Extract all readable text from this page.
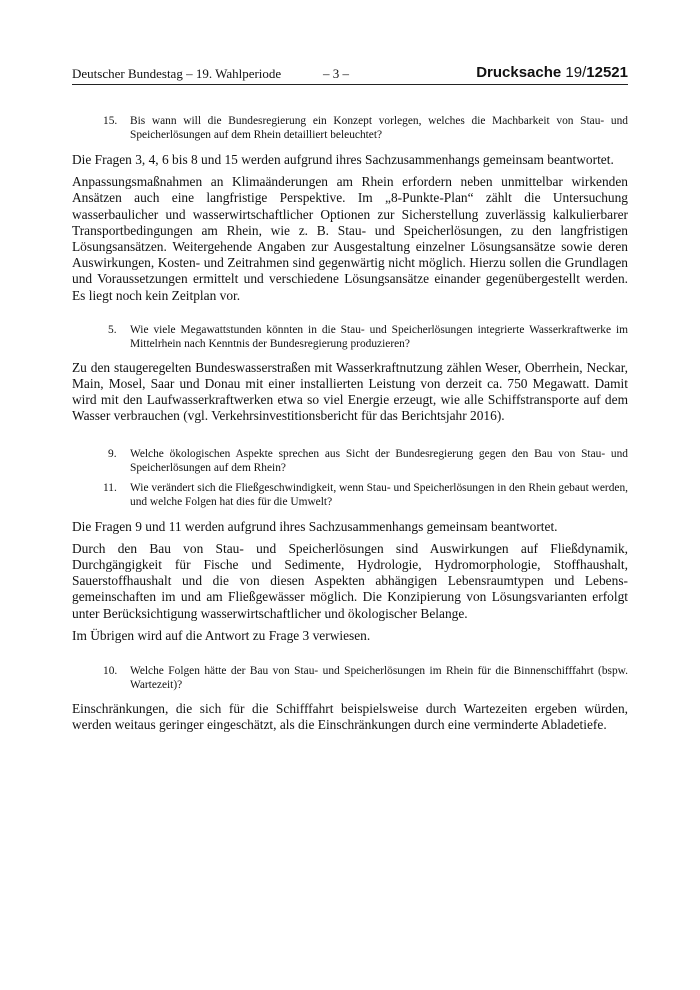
Deutscher Bundestag – 19. Wahlperiode	– 3 –	Drucksache 19/12521
15.	Bis wann will die Bundesregierung ein Konzept vorlegen, welches die Machbarkeit von Stau- und Speicherlösungen auf dem Rhein detailliert beleuchtet?

Die Fragen 3, 4, 6 bis 8 und 15 werden aufgrund ihres Sachzusammenhangs gemeinsam beantwortet.

Anpassungsmaßnahmen an Klimaänderungen am Rhein erfordern neben unmittelbar wirkenden Ansätzen auch eine langfristige Perspektive. Im „8-Punkte-Plan“ zählt die Untersuchung wasserbaulicher und wasserwirtschaftlicher Optionen zur Sicherstellung zuverlässig kalkulierbarer Transportbedingungen am Rhein, wie z. B. Stau- und Speicherlösungen, zu den langfristigen Lösungsansätzen. Weitergehende Angaben zur Ausgestaltung einzelner Lösungsansätze sowie deren Auswirkungen, Kosten- und Zeitrahmen sind gegenwärtig nicht möglich. Hierzu sollen die Grundlagen und Voraussetzungen ermittelt und verschiedene Lösungsansätze einander gegenübergestellt werden. Es liegt noch kein Zeitplan vor.

5.	Wie viele Megawattstunden könnten in die Stau- und Speicherlösungen integrierte Wasserkraftwerke im Mittelrhein nach Kenntnis der Bundesregierung produzieren?

Zu den staugeregelten Bundeswasserstraßen mit Wasserkraftnutzung zählen Weser, Oberrhein, Neckar, Main, Mosel, Saar und Donau mit einer installierten Leistung von derzeit ca. 750 Megawatt. Damit wird mit den Laufwasserkraftwerken etwa so viel Energie erzeugt, wie alle Schiffstransporte auf dem Wasser verbrauchen (vgl. Verkehrsinvestitionsbericht für das Berichtsjahr 2016).

9.	Welche ökologischen Aspekte sprechen aus Sicht der Bundesregierung gegen den Bau von Stau- und Speicherlösungen auf dem Rhein?
11.	Wie verändert sich die Fließgeschwindigkeit, wenn Stau- und Speicherlösungen in den Rhein gebaut werden, und welche Folgen hat dies für die Umwelt?

Die Fragen 9 und 11 werden aufgrund ihres Sachzusammenhangs gemeinsam beantwortet.

Durch den Bau von Stau- und Speicherlösungen sind Auswirkungen auf Fließdynamik, Durchgängigkeit für Fische und Sedimente, Hydrologie, Hydromorphologie, Stoffhaushalt, Sauerstoffhaushalt und die von diesen Aspekten abhängigen Lebensraumtypen und Lebens-gemeinschaften im und am Fließgewässer möglich. Die Konzipierung von Lösungsvarianten erfolgt unter Berücksichtigung wasserwirtschaftlicher und ökologischer Belange.

Im Übrigen wird auf die Antwort zu Frage 3 verwiesen.

10.	Welche Folgen hätte der Bau von Stau- und Speicherlösungen im Rhein für die Binnenschifffahrt (bspw. Wartezeit)?

Einschränkungen, die sich für die Schifffahrt beispielsweise durch Wartezeiten ergeben würden, werden weitaus geringer eingeschätzt, als die Einschränkungen durch eine verminderte Abladetiefe.
